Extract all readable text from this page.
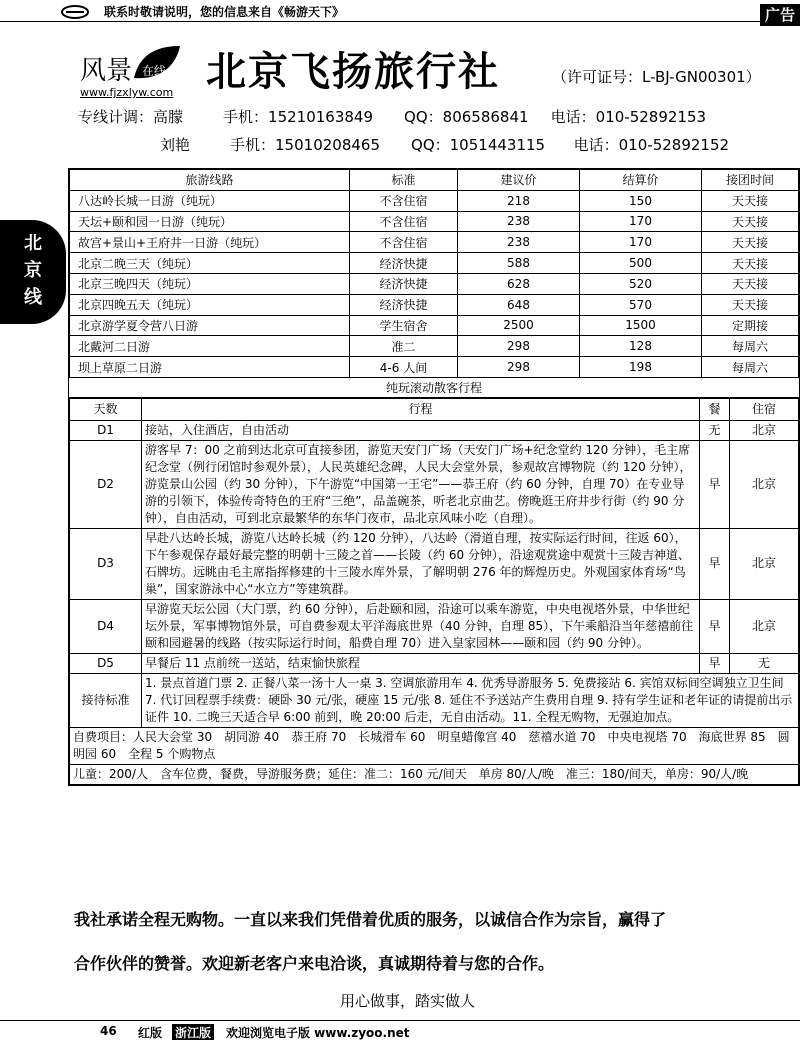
联系时敬请说明，您的信息来自《畅游天下》	广告
风景 在线
www.fjzxlyw.com 北京飞扬旅行社	（许可证号：L-BJ-GN00301）
专线计调：高朦	手机：15210163849 QQ：806586841 电话：010-52892153
刘艳	手机：15010208465 QQ：1051443115 电话：010-52892152
北
京
线
旅游线路	标准	建议价	结算价	接团时间
八达岭长城一日游（纯玩）	不含住宿	218	150	天天接
天坛+颐和园一日游（纯玩）	不含住宿	238	170	天天接
故宫+景山+王府井一日游（纯玩）	不含住宿	238	170	天天接
北京二晚三天（纯玩）	经济快捷	588	500	天天接
北京三晚四天（纯玩）	经济快捷	628	520	天天接
北京四晚五天（纯玩）	经济快捷	648	570	天天接
北京游学夏令营八日游	学生宿舍	2500	1500	定期接
北戴河二日游	准二	298	128	每周六
坝上草原二日游	4-6 人间	298	198	每周六
纯玩滚动散客行程
天数	行程	餐	住宿
D1	接站，入住酒店，自由活动	无	北京
D2	游客早 7：00 之前到达北京可直接参团，游览天安门广场（天安门广场+纪念堂约 120 分钟），毛主席纪念堂（例行闭馆时参观外景），人民英雄纪念碑，人民大会堂外景，参观故宫博物院（约 120 分钟），游览景山公园（约 30 分钟），下午游览“中国第一王宅”——恭王府（约 60 分钟，自理 70）在专业导游的引领下，体验传奇特色的王府“三绝”，品盖碗茶，听老北京曲艺。傍晚逛王府井步行街（约 90 分钟），自由活动，可到北京最繁华的东华门夜市，品北京风味小吃（自理）。	早	北京
D3	早赴八达岭长城，游览八达岭长城（约 120 分钟），八达岭（滑道自理，按实际运行时间，往返 60），下午参观保存最好最完整的明朝十三陵之首——长陵（约 60 分钟），沿途观赏途中观赏十三陵吉神道、石牌坊。远眺由毛主席指挥修建的十三陵水库外景，了解明朝 276 年的辉煌历史。外观国家体育场“鸟巢”，国家游泳中心“水立方”等建筑群。	早	北京
D4	早游览天坛公园（大门票，约 60 分钟），后赴颐和园，沿途可以乘车游览，中央电视塔外景，中华世纪坛外景，军事博物馆外景，可自费参观太平洋海底世界（40 分钟，自理 85），下午乘船沿当年慈禧前往颐和园避暑的线路（按实际运行时间，船费自理 70）进入皇家园林——颐和园（约 90 分钟）。	早	北京
D5	早餐后 11 点前统一送站，结束愉快旅程	早	无
接待标准	1. 景点首道门票 2. 正餐八菜一汤十人一桌 3. 空调旅游用车 4. 优秀导游服务 5. 免费接站 6. 宾馆双标间空调独立卫生间 7. 代订回程票手续费：硬卧 30 元/张，硬座 15 元/张 8. 延住不予送站产生费用自理 9. 持有学生证和老年证的请提前出示证件 10. 二晚三天适合早 6:00 前到，晚 20:00 后走，无自由活动。11. 全程无购物，无强迫加点。		
自费项目：人民大会堂 30　胡同游 40　恭王府 70　长城滑车 60　明皇蜡像宫 40　慈禧水道 70　中央电视塔 70　海底世界 85　圆明园 60　全程 5 个购物点			
儿童：200/人　含车位费，餐费，导游服务费；延住：准二：160 元/间天　单房 80/人/晚　准三：180/间天，单房：90/人/晚			
我社承诺全程无购物。一直以来我们凭借着优质的服务，以诚信合作为宗旨，赢得了
合作伙伴的赞誉。欢迎新老客户来电洽谈，真诚期待着与您的合作。
用心做事，踏实做人
46 红版 浙江版 欢迎浏览电子版 www.zyoo.net
